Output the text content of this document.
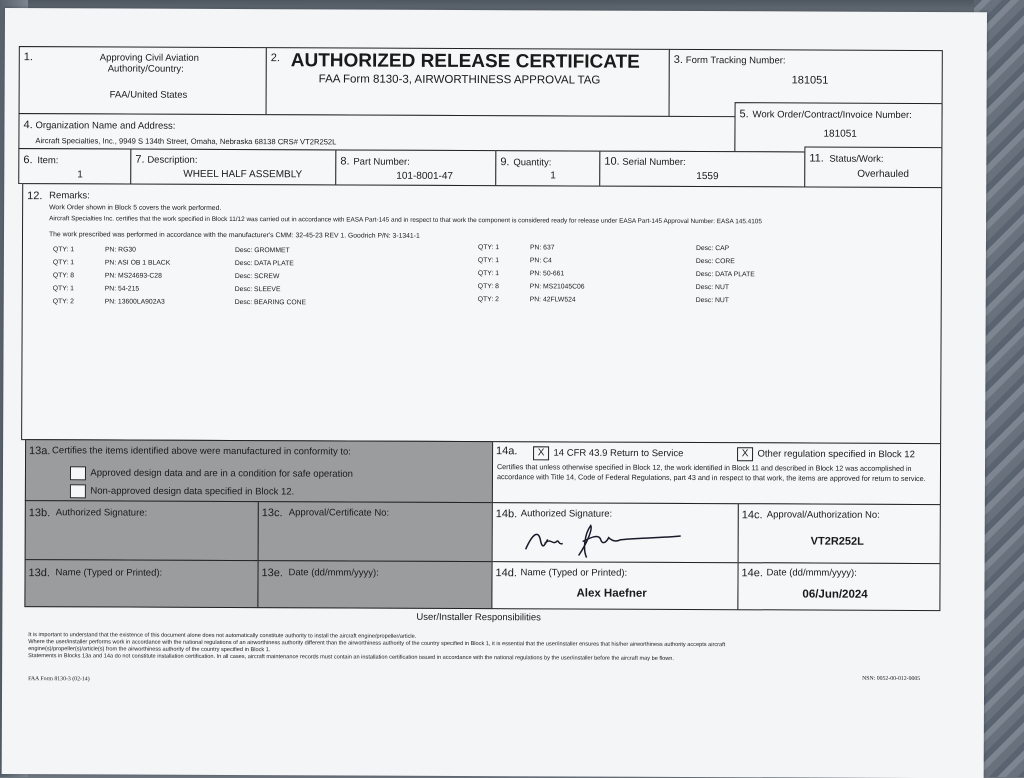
1.	Approving Civil Aviation
Authority/Country:
FAA/United States
2. AUTHORIZED RELEASE CERTIFICATE
FAA Form 8130-3, AIRWORTHINESS APPROVAL TAG
3. Form Tracking Number:
181051
4. Organization Name and Address:
Aircraft Specialties, Inc., 9949 S 134th Street, Omaha, Nebraska 68138 CRS# VT2R252L
5. Work Order/Contract/Invoice Number:
181051
6. Item:
1
7. Description:
WHEEL HALF ASSEMBLY
8. Part Number:
101-8001-47
9. Quantity:
1
10. Serial Number:
1559
11. Status/Work:
Overhauled
12. Remarks:
Work Order shown in Block 5 covers the work performed.
Aircraft Specialties Inc. certifies that the work specified in Block 11/12 was carried out in accordance with EASA Part-145 and in respect to that work the component is considered ready for release under EASA Part-145 Approval Number: EASA 145.4105
The work prescribed was performed in accordance with the manufacturer's CMM: 32-45-23 REV 1. Goodrich P/N: 3-1341-1
QTY: 1	PN: RG30	Desc: GROMMET
QTY: 1	PN: ASI OB 1 BLACK	Desc: DATA PLATE
QTY: 8	PN: MS24693-C28	Desc: SCREW
QTY: 1	PN: 54-215	Desc: SLEEVE
QTY: 2	PN: 13600LA902A3	Desc: BEARING CONE
QTY: 1	PN: 637	Desc: CAP
QTY: 1	PN: C4	Desc: CORE
QTY: 1	PN: 50-661	Desc: DATA PLATE
QTY: 8	PN: MS21045C06	Desc: NUT
QTY: 2	PN: 42FLW524	Desc: NUT
13a. Certifies the items identified above were manufactured in conformity to:
Approved design data and are in a condition for safe operation
Non-approved design data specified in Block 12.
14a.	X 14 CFR 43.9 Return to Service	X Other regulation specified in Block 12
Certifies that unless otherwise specified in Block 12, the work identified in Block 11 and described in Block 12 was accomplished in accordance with Title 14, Code of Federal Regulations, part 43 and in respect to that work, the items are approved for return to service.
13b. Authorized Signature:	13c. Approval/Certificate No:	14b. Authorized Signature:	14c. Approval/Authorization No:
VT2R252L
13d. Name (Typed or Printed):	13e. Date (dd/mmm/yyyy):	14d. Name (Typed or Printed):
Alex Haefner
14e. Date (dd/mmm/yyyy):
06/Jun/2024
User/Installer Responsibilities
It is important to understand that the existence of this document alone does not automatically constitute authority to install the aircraft engine/propeller/article.
Where the user/installer performs work in accordance with the national regulations of an airworthiness authority different than the airworthiness authority of the country specified in Block 1, it is essential that the user/installer ensures that his/her airworthiness authority accepts aircraft
engine(s)/propeller(s)/article(s) from the airworthiness authority of the country specified in Block 1.
Statements in Blocks 13a and 14a do not constitute installation certification. In all cases, aircraft maintenance records must contain an installation certification issued in accordance with the national regulations by the user/installer before the aircraft may be flown.
FAA Form 8130-3 (02-14)	NSN: 0052-00-012-9005
